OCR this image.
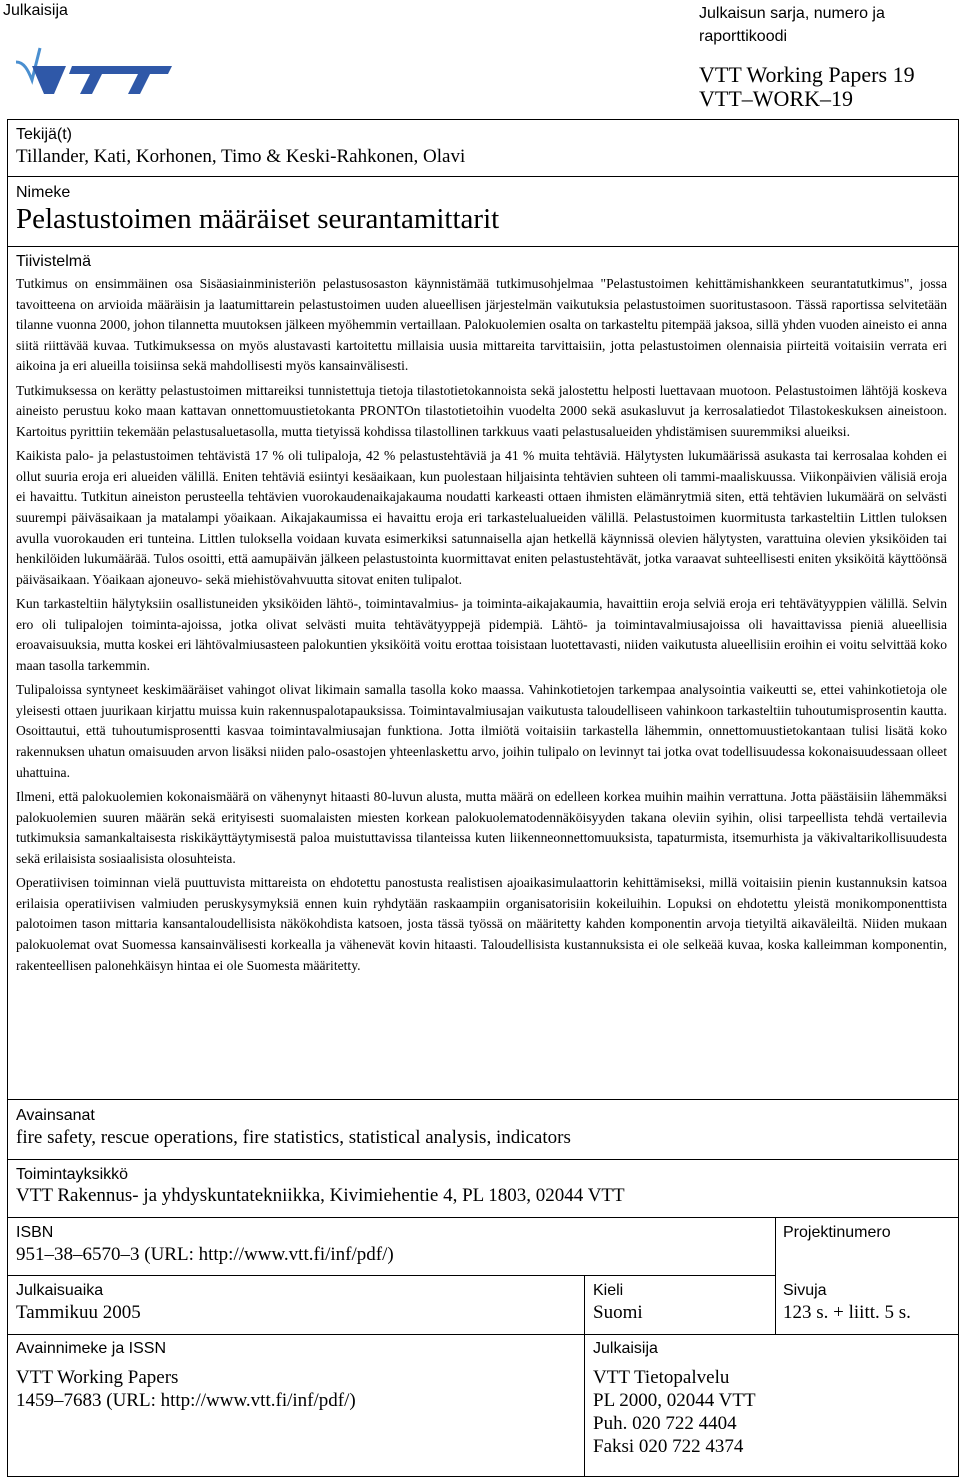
Julkaisija
VTT
Julkaisun sarja, numero ja raporttikoodi
VTT Working Papers 19
VTT–WORK–19
Tekijä(t)
Tillander, Kati, Korhonen, Timo & Keski-Rahkonen, Olavi
Nimeke
Pelastustoimen määräiset seurantamittarit
Tiivistelmä

Tutkimus on ensimmäinen osa Sisäasiainministeriön pelastusosaston käynnistämää tutkimusohjelmaa "Pelastustoimen kehittämishankkeen seurantatutkimus", jossa tavoitteena on arvioida määräisin ja laatumittarein pelastustoimen uuden alueellisen järjestelmän vaikutuksia pelastustoimen suoritustasoon. Tässä raportissa selvitetään tilanne vuonna 2000, johon tilannetta muutoksen jälkeen myöhemmin vertaillaan. Palokuolemien osalta on tarkasteltu pitempää jaksoa, sillä yhden vuoden aineisto ei anna siitä riittävää kuvaa. Tutkimuksessa on myös alustavasti kartoitettu millaisia uusia mittareita tarvittaisiin, jotta pelastustoimen olennaisia piirteitä voitaisiin verrata eri aikoina ja eri alueilla toisiinsa sekä mahdollisesti myös kansainvälisesti.

Tutkimuksessa on kerätty pelastustoimen mittareiksi tunnistettuja tietoja tilastotietokannoista sekä jalostettu helposti luettavaan muotoon. Pelastustoimen lähtöjä koskeva aineisto perustuu koko maan kattavan onnettomuustietokanta PRONTOn tilastotietoihin vuodelta 2000 sekä asukasluvut ja kerrosalatiedot Tilastokeskuksen aineistoon. Kartoitus pyrittiin tekemään pelastusaluetasolla, mutta tietyissä kohdissa tilastollinen tarkkuus vaati pelastusalueiden yhdistämisen suuremmiksi alueiksi.

Kaikista palo- ja pelastustoimen tehtävistä 17 % oli tulipaloja, 42 % pelastustehtäviä ja 41 % muita tehtäviä. Hälytysten lukumäärissä asukasta tai kerrosalaa kohden ei ollut suuria eroja eri alueiden välillä. Eniten tehtäviä esiintyi kesäaikaan, kun puolestaan hiljaisinta tehtävien suhteen oli tammi-maaliskuussa. Viikonpäivien välisiä eroja ei havaittu. Tutkitun aineiston perusteella tehtävien vuorokaudenaikajakauma noudatti karkeasti ottaen ihmisten elämänrytmiä siten, että tehtävien lukumäärä on selvästi suurempi päiväsaikaan ja matalampi yöaikaan. Aikajakaumissa ei havaittu eroja eri tarkastelualueiden välillä. Pelastustoimen kuormitusta tarkasteltiin Littlen tuloksen avulla vuorokauden eri tunteina. Littlen tuloksella voidaan kuvata esimerkiksi satunnaisella ajan hetkellä käynnissä olevien hälytysten, varattuina olevien yksiköiden tai henkilöiden lukumäärää. Tulos osoitti, että aamupäivän jälkeen pelastustointa kuormittavat eniten pelastustehtävät, jotka varaavat suhteellisesti eniten yksiköitä käyttöönsä päiväsaikaan. Yöaikaan ajoneuvo- sekä miehistövahvuutta sitovat eniten tulipalot.

Kun tarkasteltiin hälytyksiin osallistuneiden yksiköiden lähtö-, toimintavalmius- ja toiminta-aikajakaumia, havaittiin eroja selviä eroja eri tehtävätyyppien välillä. Selvin ero oli tulipalojen toiminta-ajoissa, jotka olivat selvästi muita tehtävätyyppejä pidempiä. Lähtö- ja toimintavalmiusajoissa oli havaittavissa pieniä alueellisia eroavaisuuksia, mutta koskei eri lähtövalmiusasteen palokuntien yksiköitä voitu erottaa toisistaan luotettavasti, niiden vaikutusta alueellisiin eroihin ei voitu selvittää koko maan tasolla tarkemmin.

Tulipaloissa syntyneet keskimääräiset vahingot olivat likimain samalla tasolla koko maassa. Vahinkotietojen tarkempaa analysointia vaikeutti se, ettei vahinkotietoja ole yleisesti ottaen juurikaan kirjattu muissa kuin rakennuspalotapauksissa. Toimintavalmiusajan vaikutusta taloudelliseen vahinkoon tarkasteltiin tuhoutumisprosentin kautta. Osoittautui, että tuhoutumisprosentti kasvaa toimintavalmiusajan funktiona. Jotta ilmiötä voitaisiin tarkastella lähemmin, onnettomuustietokantaan tulisi lisätä koko rakennuksen uhatun omaisuuden arvon lisäksi niiden palo-osastojen yhteenlaskettu arvo, joihin tulipalo on levinnyt tai jotka ovat todellisuudessa kokonaisuudessaan olleet uhattuina.

Ilmeni, että palokuolemien kokonaismäärä on vähenynyt hitaasti 80-luvun alusta, mutta määrä on edelleen korkea muihin maihin verrattuna. Jotta päästäisiin lähemmäksi palokuolemien suuren määrän sekä erityisesti suomalaisten miesten korkean palokuolematodennäköisyyden takana oleviin syihin, olisi tarpeellista tehdä vertailevia tutkimuksia samankaltaisesta riskikäyttäytymisestä paloa muistuttavissa tilanteissa kuten liikenneonnettomuuksista, tapaturmista, itsemurhista ja väkivaltarikollisuudesta sekä erilaisista sosiaalisista olosuhteista.

Operatiivisen toiminnan vielä puuttuvista mittareista on ehdotettu panostusta realistisen ajoaikasimulaattorin kehittämiseksi, millä voitaisiin pienin kustannuksin katsoa erilaisia operatiivisen valmiuden peruskysymyksiä ennen kuin ryhdytään raskaampiin organisatorisiin kokeiluihin. Lopuksi on ehdotettu yleistä monikomponenttista palotoimen tason mittaria kansantaloudellisista näkökohdista katsoen, josta tässä työssä on määritetty kahden komponentin arvoja tietyiltä aikaväleiltä. Niiden mukaan palokuolemat ovat Suomessa kansainvälisesti korkealla ja vähenevät kovin hitaasti. Taloudellisista kustannuksista ei ole selkeää kuvaa, koska kalleimman komponentin, rakenteellisen palonehkäisyn hintaa ei ole Suomesta määritetty.

Avainsanat
fire safety, rescue operations, fire statistics, statistical analysis, indicators
Toimintayksikkö
VTT Rakennus- ja yhdyskuntatekniikka, Kivimiehentie 4, PL 1803, 02044 VTT
ISBN
951–38–6570–3 (URL: http://www.vtt.fi/inf/pdf/)
Projektinumero
Julkaisuaika
Tammikuu 2005
Kieli
Suomi
Sivuja
123 s. + liitt. 5 s.
Avainnimeke ja ISSN
VTT Working Papers
1459–7683 (URL: http://www.vtt.fi/inf/pdf/)
Julkaisija
VTT Tietopalvelu
PL 2000, 02044 VTT
Puh. 020 722 4404
Faksi 020 722 4374
